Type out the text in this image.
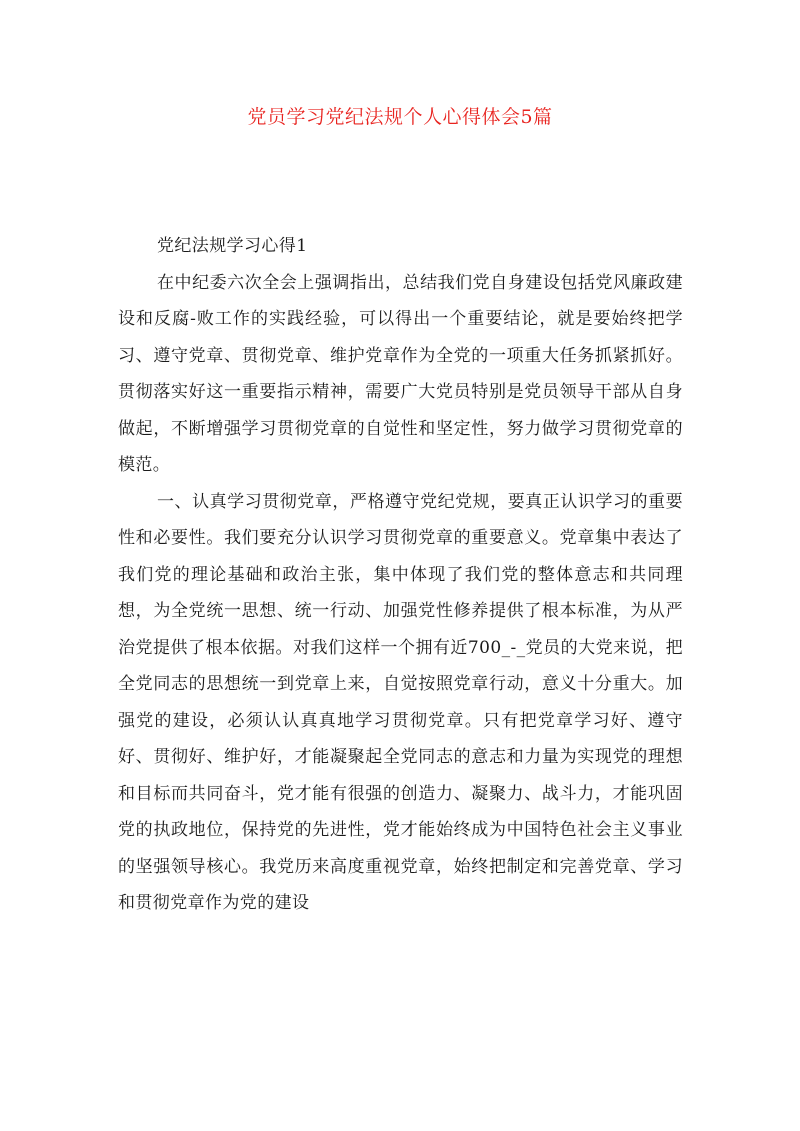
党员学习党纪法规个人心得体会5篇

党纪法规学习心得1

在中纪委六次全会上强调指出，总结我们党自身建设包括党风廉政建设和反腐-败工作的实践经验，可以得出一个重要结论，就是要始终把学习、遵守党章、贯彻党章、维护党章作为全党的一项重大任务抓紧抓好。贯彻落实好这一重要指示精神，需要广大党员特别是党员领导干部从自身做起，不断增强学习贯彻党章的自觉性和坚定性，努力做学习贯彻党章的模范。

一、认真学习贯彻党章，严格遵守党纪党规，要真正认识学习的重要性和必要性。我们要充分认识学习贯彻党章的重要意义。党章集中表达了我们党的理论基础和政治主张，集中体现了我们党的整体意志和共同理想，为全党统一思想、统一行动、加强党性修养提供了根本标准，为从严治党提供了根本依据。对我们这样一个拥有近700_-_党员的大党来说，把全党同志的思想统一到党章上来，自觉按照党章行动，意义十分重大。加强党的建设，必须认认真真地学习贯彻党章。只有把党章学习好、遵守好、贯彻好、维护好，才能凝聚起全党同志的意志和力量为实现党的理想和目标而共同奋斗，党才能有很强的创造力、凝聚力、战斗力，才能巩固党的执政地位，保持党的先进性，党才能始终成为中国特色社会主义事业的坚强领导核心。我党历来高度重视党章，始终把制定和完善党章、学习和贯彻党章作为党的建设
